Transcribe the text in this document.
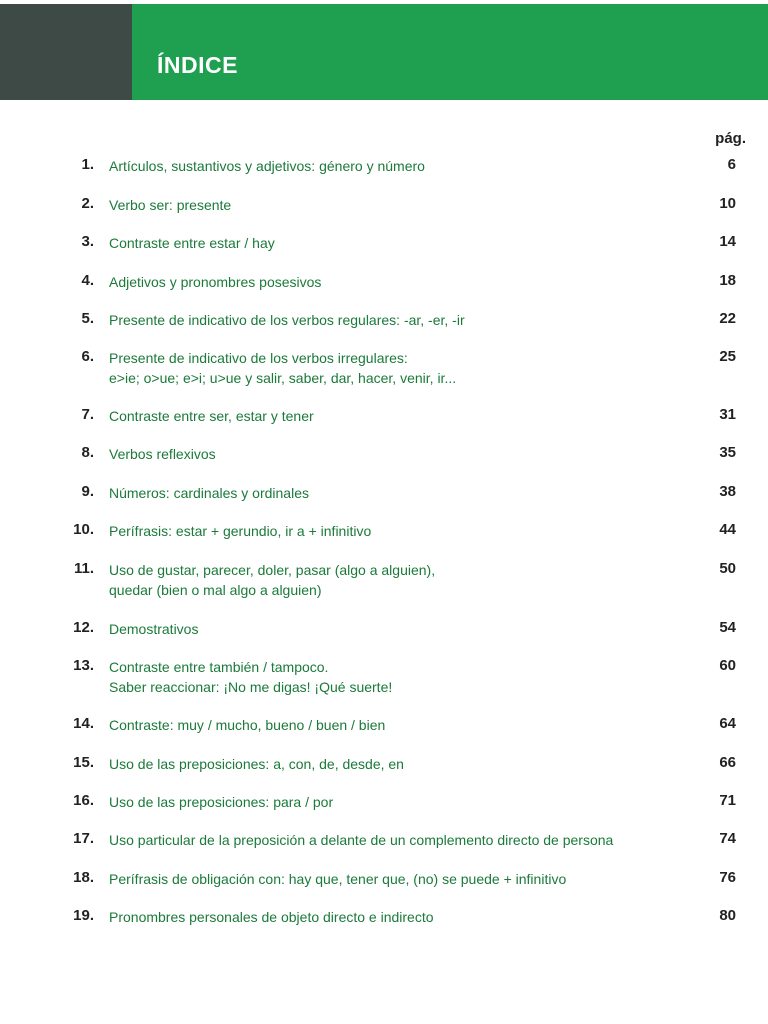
ÍNDICE
pág.
1. Artículos, sustantivos y adjetivos: género y número	6
2. Verbo ser: presente	10
3. Contraste entre estar / hay	14
4. Adjetivos y pronombres posesivos	18
5. Presente de indicativo de los verbos regulares: -ar, -er, -ir	22
6. Presente de indicativo de los verbos irregulares:
e>ie; o>ue; e>i; u>ue y salir, saber, dar, hacer, venir, ir...
25
7. Contraste entre ser, estar y tener	31
8. Verbos reflexivos	35
9. Números: cardinales y ordinales	38
10. Perífrasis: estar + gerundio, ir a + infinitivo	44
11. Uso de gustar, parecer, doler, pasar (algo a alguien),
quedar (bien o mal algo a alguien)
50
12. Demostrativos	54
13. Contraste entre también / tampoco.
Saber reaccionar: ¡No me digas! ¡Qué suerte!
60
14. Contraste: muy / mucho, bueno / buen / bien	64
15. Uso de las preposiciones: a, con, de, desde, en	66
16. Uso de las preposiciones: para / por	71
17. Uso particular de la preposición a delante de un complemento directo de persona	74
18. Perífrasis de obligación con: hay que, tener que, (no) se puede + infinitivo	76
19. Pronombres personales de objeto directo e indirecto	80
